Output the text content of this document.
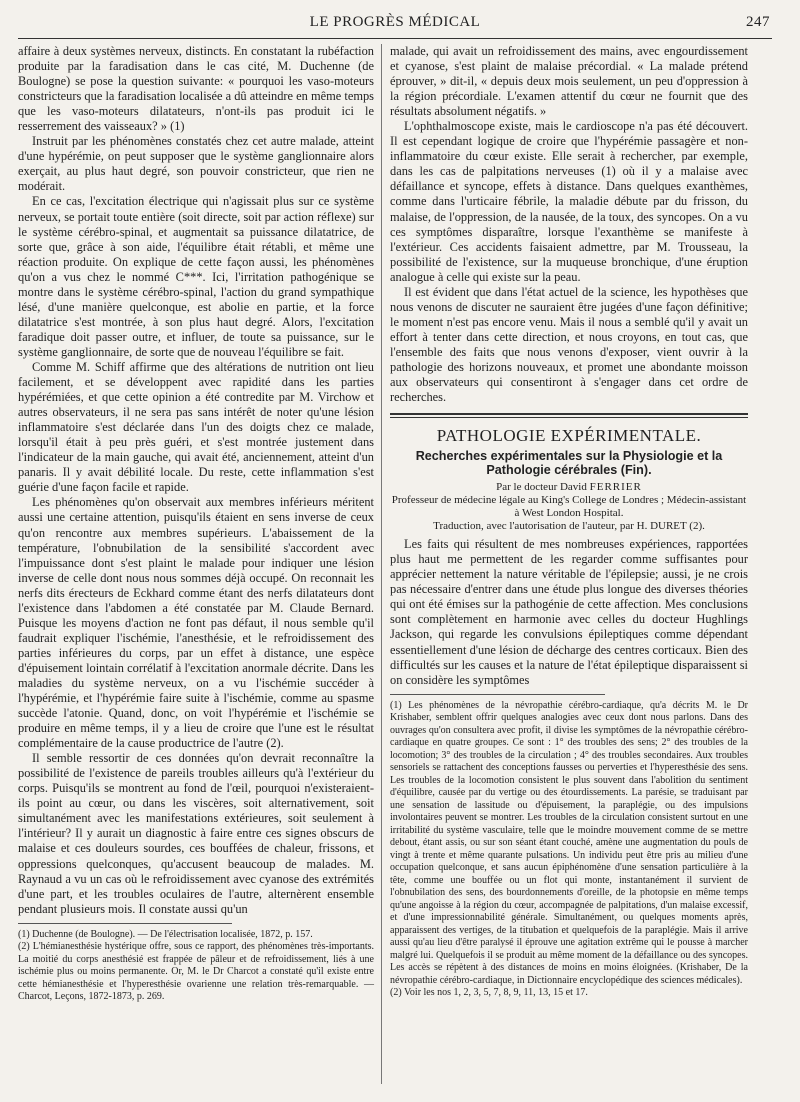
LE PROGRÈS MÉDICAL	247

affaire à deux systèmes nerveux, distincts. En constatant la rubéfaction produite par la faradisation dans le cas cité, M. Duchenne (de Boulogne) se pose la question suivante: « pourquoi les vaso-moteurs constricteurs que la faradisation localisée a dû atteindre en même temps que les vaso-moteurs dilatateurs, n'ont-ils pas produit ici le resserrement des vaisseaux? » (1)

Instruit par les phénomènes constatés chez cet autre malade, atteint d'une hypérémie, on peut supposer que le système ganglionnaire alors exerçait, au plus haut degré, son pouvoir constricteur, que rien ne modérait.

En ce cas, l'excitation électrique qui n'agissait plus sur ce système nerveux, se portait toute entière (soit directe, soit par action réflexe) sur le système cérébro-spinal, et augmentait sa puissance dilatatrice, de sorte que, grâce à son aide, l'équilibre était rétabli, et même une réaction produite. On explique de cette façon aussi, les phénomènes qu'on a vus chez le nommé C***. Ici, l'irritation pathogénique se montre dans le système cérébro-spinal, l'action du grand sympathique lésé, d'une manière quelconque, est abolie en partie, et la force dilatatrice s'est montrée, à son plus haut degré. Alors, l'excitation faradique doit passer outre, et influer, de toute sa puissance, sur le système ganglionnaire, de sorte que de nouveau l'équilibre se fait.

Comme M. Schiff affirme que des altérations de nutrition ont lieu facilement, et se développent avec rapidité dans les parties hypérémiées, et que cette opinion a été contredite par M. Virchow et autres observateurs, il ne sera pas sans intérêt de noter qu'une lésion inflammatoire s'est déclarée dans l'un des doigts chez ce malade, lorsqu'il était à peu près guéri, et s'est montrée justement dans l'indicateur de la main gauche, qui avait été, anciennement, atteint d'un panaris. Il y avait débilité locale. Du reste, cette inflammation s'est guérie d'une façon facile et rapide.

Les phénomènes qu'on observait aux membres inférieurs méritent aussi une certaine attention, puisqu'ils étaient en sens inverse de ceux qu'on rencontre aux membres supérieurs. L'abaissement de la température, l'obnubilation de la sensibilité s'accordent avec l'impuissance dont s'est plaint le malade pour indiquer une lésion inverse de celle dont nous nous sommes déjà occupé. On reconnait les nerfs dits érecteurs de Eckhard comme étant des nerfs dilatateurs dont l'existence dans l'abdomen a été constatée par M. Claude Bernard. Puisque les moyens d'action ne font pas défaut, il nous semble qu'il faudrait expliquer l'ischémie, l'anesthésie, et le refroidissement des parties inférieures du corps, par un effet à distance, une espèce d'épuisement lointain corrélatif à l'excitation anormale décrite. Dans les maladies du système nerveux, on a vu l'ischémie succéder à l'hypérémie, et l'hypérémie faire suite à l'ischémie, comme au spasme succède l'atonie. Quand, donc, on voit l'hypérémie et l'ischémie se produire en même temps, il y a lieu de croire que l'une est le résultat complémentaire de la cause productrice de l'autre (2).

Il semble ressortir de ces données qu'on devrait reconnaître la possibilité de l'existence de pareils troubles ailleurs qu'à l'extérieur du corps. Puisqu'ils se montrent au fond de l'œil, pourquoi n'existeraient-ils point au cœur, ou dans les viscères, soit alternativement, soit simultanément avec les manifestations extérieures, soit seulement à l'intérieur? Il y aurait un diagnostic à faire entre ces signes obscurs de malaise et ces douleurs sourdes, ces bouffées de chaleur, frissons, et oppressions quelconques, qu'accusent beaucoup de malades. M. Raynaud a vu un cas où le refroidissement avec cyanose des extrémités d'une part, et les troubles oculaires de l'autre, alternèrent ensemble pendant plusieurs mois. Il constate aussi qu'un

(1) Duchenne (de Boulogne). — De l'électrisation localisée, 1872, p. 157.

(2) L'hémianesthésie hystérique offre, sous ce rapport, des phénomènes très-importants. La moitié du corps anesthésié est frappée de pâleur et de refroidissement, liés à une ischémie plus ou moins permanente. Or, M. le Dr Charcot a constaté qu'il existe entre cette hémianesthésie et l'hyperesthésie ovarienne une relation très-remarquable. — Charcot, Leçons, 1872-1873, p. 269.

malade, qui avait un refroidissement des mains, avec engourdissement et cyanose, s'est plaint de malaise précordial. « La malade prétend éprouver, » dit-il, « depuis deux mois seulement, un peu d'oppression à la région précordiale. L'examen attentif du cœur ne fournit que des résultats absolument négatifs. »

L'ophthalmoscope existe, mais le cardioscope n'a pas été découvert. Il est cependant logique de croire que l'hypérémie passagère et non-inflammatoire du cœur existe. Elle serait à rechercher, par exemple, dans les cas de palpitations nerveuses (1) où il y a malaise avec défaillance et syncope, effets à distance. Dans quelques exanthèmes, comme dans l'urticaire fébrile, la maladie débute par du frisson, du malaise, de l'oppression, de la nausée, de la toux, des syncopes. On a vu ces symptômes disparaître, lorsque l'exanthème se manifeste à l'extérieur. Ces accidents faisaient admettre, par M. Trousseau, la possibilité de l'existence, sur la muqueuse bronchique, d'une éruption analogue à celle qui existe sur la peau.

Il est évident que dans l'état actuel de la science, les hypothèses que nous venons de discuter ne sauraient être jugées d'une façon définitive; le moment n'est pas encore venu. Mais il nous a semblé qu'il y avait un effort à tenter dans cette direction, et nous croyons, en tout cas, que l'ensemble des faits que nous venons d'exposer, vient ouvrir à la pathologie des horizons nouveaux, et promet une abondante moisson aux observateurs qui consentiront à s'engager dans cet ordre de recherches.

PATHOLOGIE EXPÉRIMENTALE.
Recherches expérimentales sur la Physiologie et la Pathologie cérébrales (Fin).
Par le docteur David FERRIER
Professeur de médecine légale au King's College de Londres ; Médecin-assistant à West London Hospital.
Traduction, avec l'autorisation de l'auteur, par H. DURET (2).

Les faits qui résultent de mes nombreuses expériences, rapportées plus haut me permettent de les regarder comme suffisantes pour apprécier nettement la nature véritable de l'épilepsie; aussi, je ne crois pas nécessaire d'entrer dans une étude plus longue des diverses théories qui ont été émises sur la pathogénie de cette affection. Mes conclusions sont complètement en harmonie avec celles du docteur Hughlings Jackson, qui regarde les convulsions épileptiques comme dépendant essentiellement d'une lésion de décharge des centres corticaux. Bien des difficultés sur les causes et la nature de l'état épileptique disparaissent si on considère les symptômes

(1) Les phénomènes de la névropathie cérébro-cardiaque, qu'a décrits M. le Dr Krishaber, semblent offrir quelques analogies avec ceux dont nous parlons. Dans des ouvrages qu'on consultera avec profit, il divise les symptômes de la névropathie cérébro-cardiaque en quatre groupes. Ce sont : 1° des troubles des sens; 2° des troubles de la locomotion; 3° des troubles de la circulation ; 4° des troubles secondaires. Aux troubles sensoriels se rattachent des conceptions fausses ou perverties et l'hyperesthésie des sens. Les troubles de la locomotion consistent le plus souvent dans l'abolition du sentiment d'équilibre, causée par du vertige ou des étourdissements. La parésie, se traduisant par une sensation de lassitude ou d'épuisement, la paraplégie, ou des impulsions involontaires peuvent se montrer. Les troubles de la circulation consistent surtout en une irritabilité du système vasculaire, telle que le moindre mouvement comme de se mettre debout, étant assis, ou sur son séant étant couché, amène une augmentation du pouls de vingt à trente et même quarante pulsations. Un individu peut être pris au milieu d'une occupation quelconque, et sans aucun épiphénomène d'une sensation particulière à la tête, comme une bouffée ou un flot qui monte, instantanément il survient de l'obnubilation des sens, des bourdonnements d'oreille, de la photopsie en même temps qu'une angoisse à la région du cœur, accompagnée de palpitations, d'un malaise excessif, et d'une impressionnabilité générale. Simultanément, ou quelques moments après, apparaissent des vertiges, de la titubation et quelquefois de la paraplégie. Mais il arrive aussi qu'au lieu d'être paralysé il éprouve une agitation extrême qui le pousse à marcher malgré lui. Quelquefois il se produit au même moment de la défaillance ou des syncopes. Les accès se répètent à des distances de moins en moins éloignées. (Krishaber, De la névropathie cérébro-cardiaque, in Dictionnaire encyclopédique des sciences médicales).

(2) Voir les nos 1, 2, 3, 5, 7, 8, 9, 11, 13, 15 et 17.
